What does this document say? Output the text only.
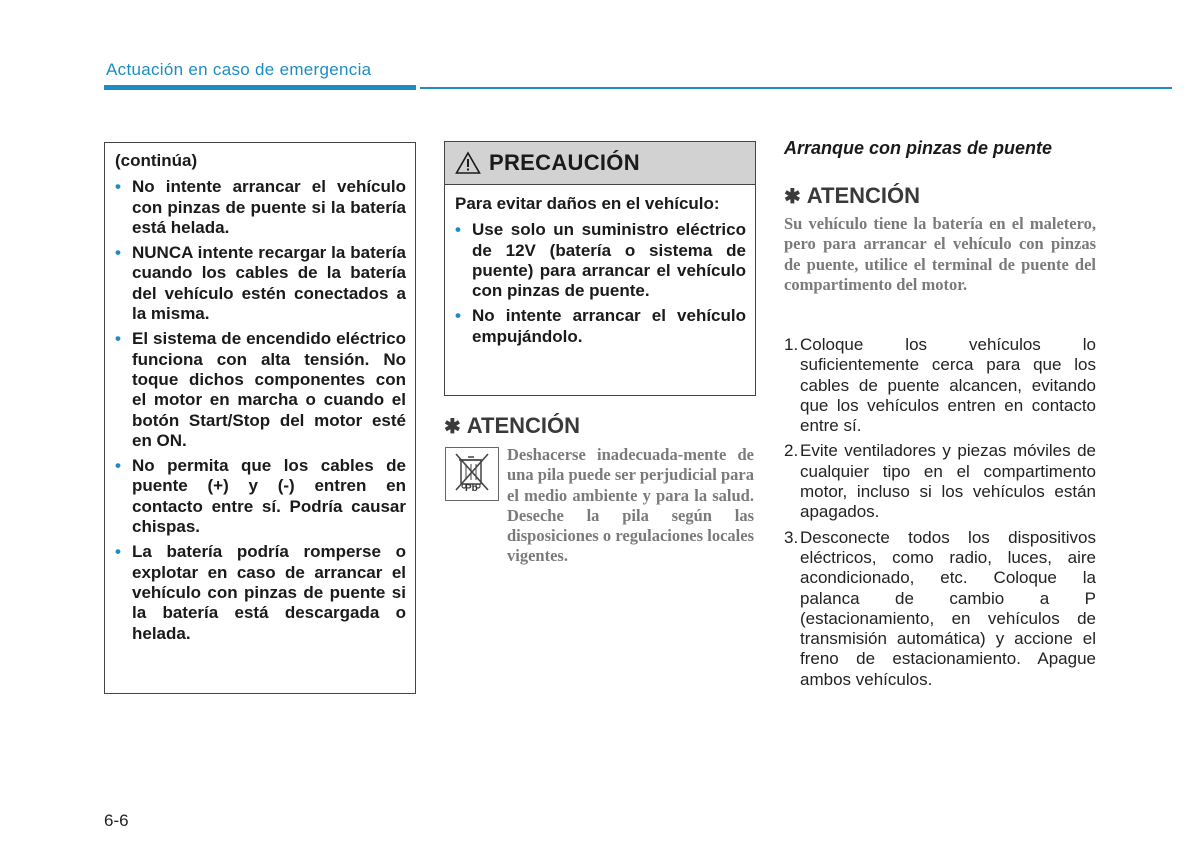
Actuación en caso de emergencia
(continúa)
• No intente arrancar el vehículo con pinzas de puente si la batería está helada.
• NUNCA intente recargar la batería cuando los cables de la batería del vehículo estén conectados a la misma.
• El sistema de encendido eléctrico funciona con alta tensión. No toque dichos componentes con el motor en marcha o cuando el botón Start/Stop del motor esté en ON.
• No permita que los cables de puente (+) y (-) entren en contacto entre sí. Podría causar chispas.
• La batería podría romperse o explotar en caso de arrancar el vehículo con pinzas de puente si la batería está descargada o helada.
PRECAUCIÓN
Para evitar daños en el vehículo:
• Use solo un suministro eléctrico de 12V (batería o sistema de puente) para arrancar el vehículo con pinzas de puente.
• No intente arrancar el vehículo empujándolo.
✱ ATENCIÓN
Pb
Deshacerse inadecuada-mente de una pila puede ser perjudicial para el medio ambiente y para la salud. Deseche la pila según las disposiciones o regulaciones locales vigentes.
Arranque con pinzas de puente
✱ ATENCIÓN
Su vehículo tiene la batería en el maletero, pero para arrancar el vehículo con pinzas de puente, utilice el terminal de puente del compartimento del motor.
1. Coloque los vehículos lo suficientemente cerca para que los cables de puente alcancen, evitando que los vehículos entren en contacto entre sí.
2. Evite ventiladores y piezas móviles de cualquier tipo en el compartimento motor, incluso si los vehículos están apagados.
3. Desconecte todos los dispositivos eléctricos, como radio, luces, aire acondicionado, etc. Coloque la palanca de cambio a P (estacionamiento, en vehículos de transmisión automática) y accione el freno de estacionamiento. Apague ambos vehículos.
6-6
